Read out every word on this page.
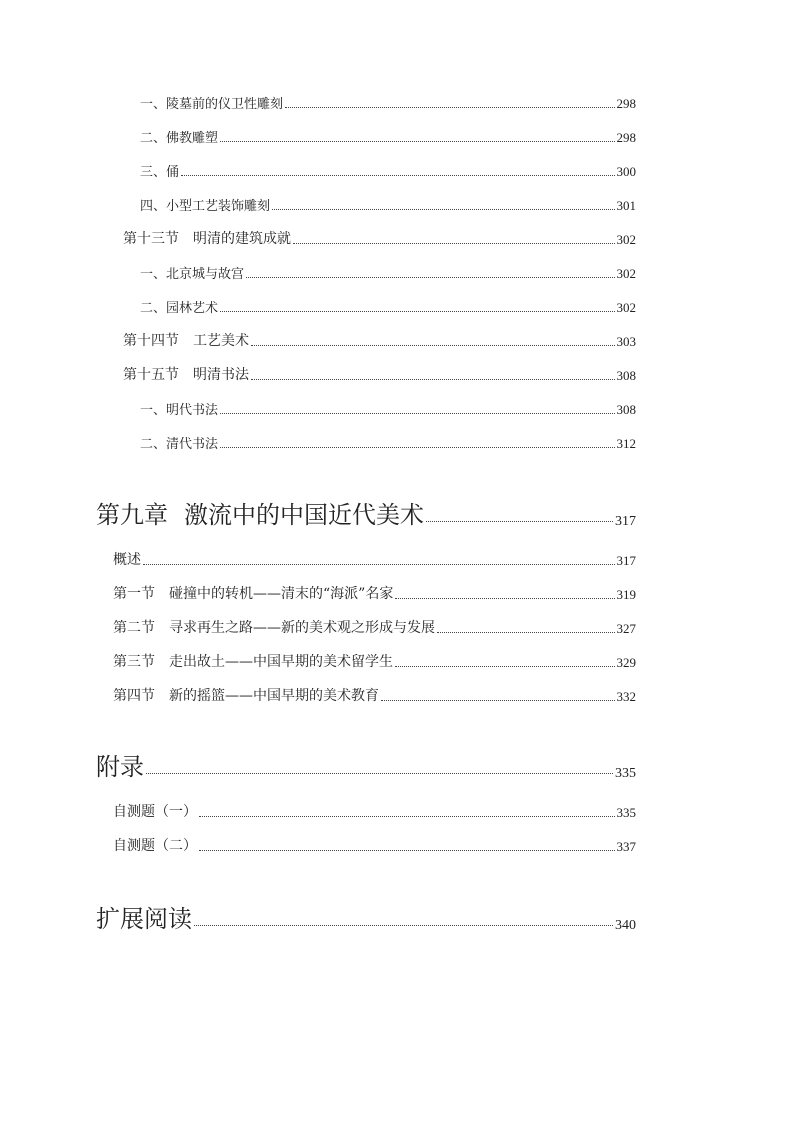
一、陵墓前的仪卫性雕刻	298
二、佛教雕塑	298
三、俑	300
四、小型工艺装饰雕刻	301
第十三节 明清的建筑成就	302
一、北京城与故宫	302
二、园林艺术	302
第十四节 工艺美术	303
第十五节 明清书法	308
一、明代书法	308
二、清代书法	312
第九章 激流中的中国近代美术	317
概述	317
第一节 碰撞中的转机——清末的“海派”名家	319
第二节 寻求再生之路——新的美术观之形成与发展	327
第三节 走出故土——中国早期的美术留学生	329
第四节 新的摇篮——中国早期的美术教育	332
附录	335
自测题（一）	335
自测题（二）	337
扩展阅读	340
